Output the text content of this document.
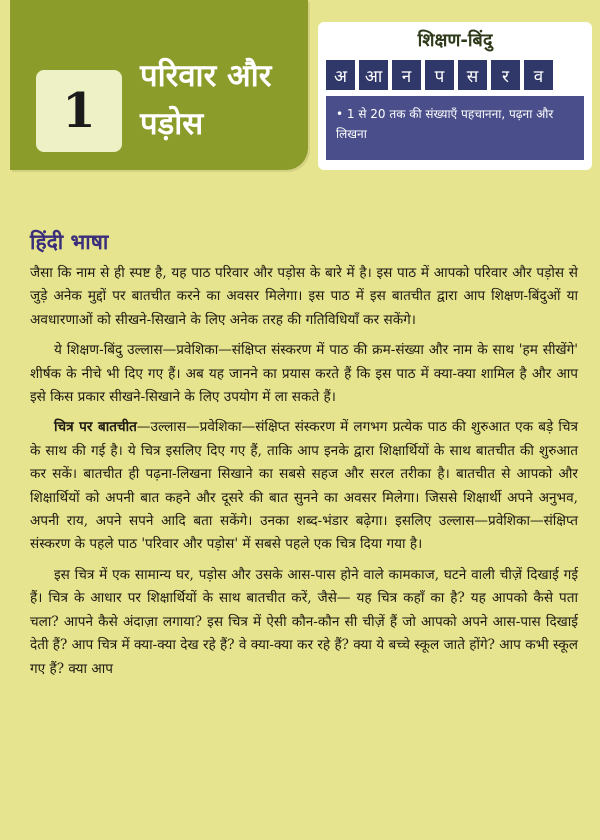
1
परिवार और
पड़ोस
शिक्षण-बिंदु
अ	आ	न	प	स	र	व
• 1 से 20 तक की संख्याएँ पहचानना, पढ़ना और लिखना
हिंदी भाषा

जैसा कि नाम से ही स्पष्ट है, यह पाठ परिवार और पड़ोस के बारे में है। इस पाठ में आपको परिवार और पड़ोस से जुड़े अनेक मुद्दों पर बातचीत करने का अवसर मिलेगा। इस पाठ में इस बातचीत द्वारा आप शिक्षण-बिंदुओं या अवधारणाओं को सीखने-सिखाने के लिए अनेक तरह की गतिविधियाँ कर सकेंगे।

ये शिक्षण-बिंदु उल्लास—प्रवेशिका—संक्षिप्त संस्करण में पाठ की क्रम-संख्या और नाम के साथ 'हम सीखेंगे' शीर्षक के नीचे भी दिए गए हैं। अब यह जानने का प्रयास करते हैं कि इस पाठ में क्या-क्या शामिल है और आप इसे किस प्रकार सीखने-सिखाने के लिए उपयोग में ला सकते हैं।

चित्र पर बातचीत—उल्लास—प्रवेशिका—संक्षिप्त संस्करण में लगभग प्रत्येक पाठ की शुरुआत एक बड़े चित्र के साथ की गई है। ये चित्र इसलिए दिए गए हैं, ताकि आप इनके द्वारा शिक्षार्थियों के साथ बातचीत की शुरुआत कर सकें। बातचीत ही पढ़ना-लिखना सिखाने का सबसे सहज और सरल तरीका है। बातचीत से आपको और शिक्षार्थियों को अपनी बात कहने और दूसरे की बात सुनने का अवसर मिलेगा। जिससे शिक्षार्थी अपने अनुभव, अपनी राय, अपने सपने आदि बता सकेंगे। उनका शब्द-भंडार बढ़ेगा। इसलिए उल्लास—प्रवेशिका—संक्षिप्त संस्करण के पहले पाठ 'परिवार और पड़ोस' में सबसे पहले एक चित्र दिया गया है।

इस चित्र में एक सामान्य घर, पड़ोस और उसके आस-पास होने वाले कामकाज, घटने वाली चीज़ें दिखाई गई हैं। चित्र के आधार पर शिक्षार्थियों के साथ बातचीत करें, जैसे— यह चित्र कहाँ का है? यह आपको कैसे पता चला? आपने कैसे अंदाज़ा लगाया? इस चित्र में ऐसी कौन-कौन सी चीज़ें हैं जो आपको अपने आस-पास दिखाई देती हैं? आप चित्र में क्या-क्या देख रहे हैं? वे क्या-क्या कर रहे हैं? क्या ये बच्चे स्कूल जाते होंगे? आप कभी स्कूल गए हैं? क्या आप
